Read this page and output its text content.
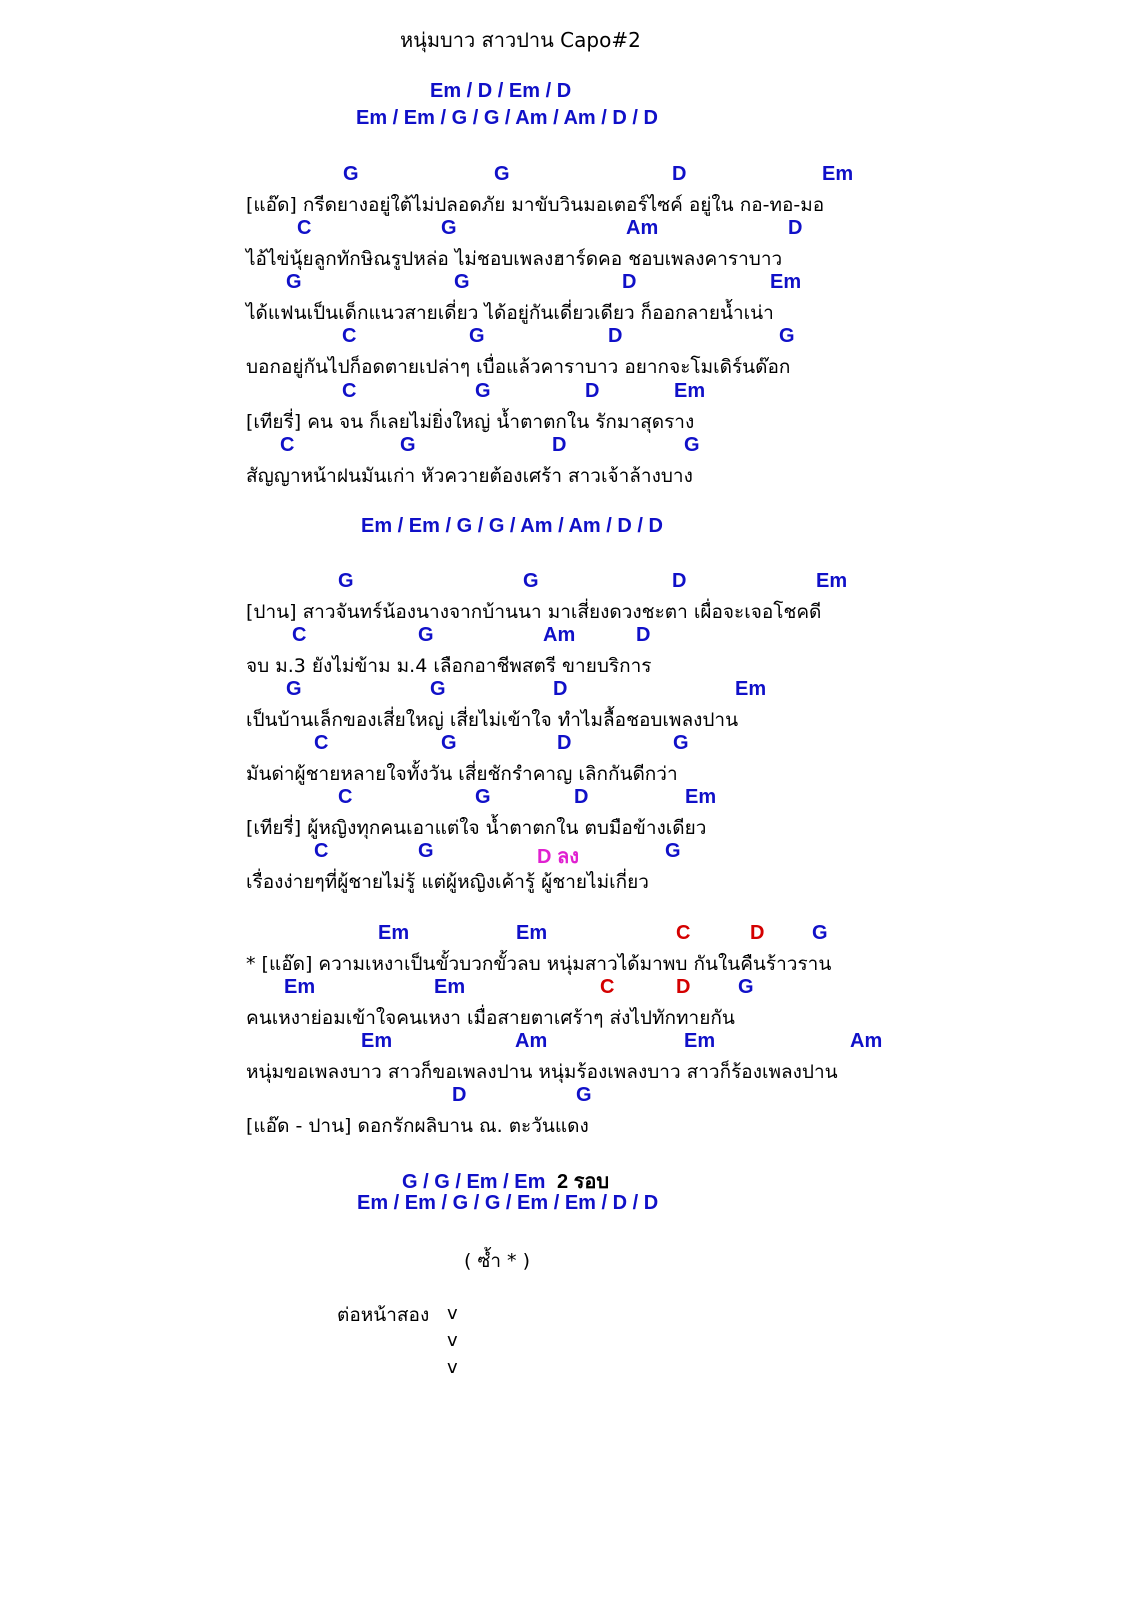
หนุ่มบาว สาวปาน Capo#2
Em / D / Em / D
Em / Em / G / G / Am / Am / D / D
G	G	D	Em
[แอ๊ด] กรีดยางอยู่ใต้ไม่ปลอดภัย มาขับวินมอเตอร์ไซค์ อยู่ใน กอ-ทอ-มอ
C	G	Am	D
ไอ้ไข่นุ้ยลูกทักษิณรูปหล่อ ไม่ชอบเพลงฮาร์ดคอ ชอบเพลงคาราบาว
G	G	D	Em
ได้แฟนเป็นเด็กแนวสายเดี่ยว ได้อยู่กันเดี่ยวเดียว ก็ออกลายน้ำเน่า
C	G	D	G
บอกอยู่กันไปก็อดตายเปล่าๆ เบื่อแล้วคาราบาว อยากจะโมเดิร์นด๊อก
C	G	D	Em
[เทียรี่] คน จน ก็เลยไม่ยิ่งใหญ่ น้ำตาตกใน รักมาสุดราง
C	G	D	G
สัญญาหน้าฝนมันเก่า หัวควายต้องเศร้า สาวเจ้าล้างบาง
Em / Em / G / G / Am / Am / D / D
G	G	D	Em
[ปาน] สาวจันทร์น้องนางจากบ้านนา มาเสี่ยงดวงชะตา เผื่อจะเจอโชคดี
C	G	Am	D
จบ ม.3 ยังไม่ข้าม ม.4 เลือกอาชีพสตรี ขายบริการ
G	G	D	Em
เป็นบ้านเล็กของเสี่ยใหญ่ เสี่ยไม่เข้าใจ ทำไมลื้อชอบเพลงปาน
C	G	D	G
มันด่าผู้ชายหลายใจทั้งวัน เสี่ยชักรำคาญ เลิกกันดีกว่า
C	G	D	Em
[เทียรี่] ผู้หญิงทุกคนเอาแต่ใจ น้ำตาตกใน ตบมือข้างเดียว
C	G	D ลง	G
เรื่องง่ายๆที่ผู้ชายไม่รู้ แต่ผู้หญิงเค้ารู้ ผู้ชายไม่เกี่ยว
Em	Em	C	D G
* [แอ๊ด] ความเหงาเป็นขั้วบวกขั้วลบ หนุ่มสาวได้มาพบ กันในคืนร้าวราน
Em	Em	C	D G
คนเหงาย่อมเข้าใจคนเหงา เมื่อสายตาเศร้าๆ ส่งไปทักทายกัน
Em	Am	Em	Am
หนุ่มขอเพลงบาว สาวก็ขอเพลงปาน หนุ่มร้องเพลงบาว สาวก็ร้องเพลงปาน
D	G
[แอ๊ด - ปาน] ดอกรักผลิบาน ณ. ตะวันแดง
G / G / Em / Em 2 รอบ
Em / Em / G / G / Em / Em / D / D
( ซ้ำ * )
ต่อหน้าสอง v
v
v
